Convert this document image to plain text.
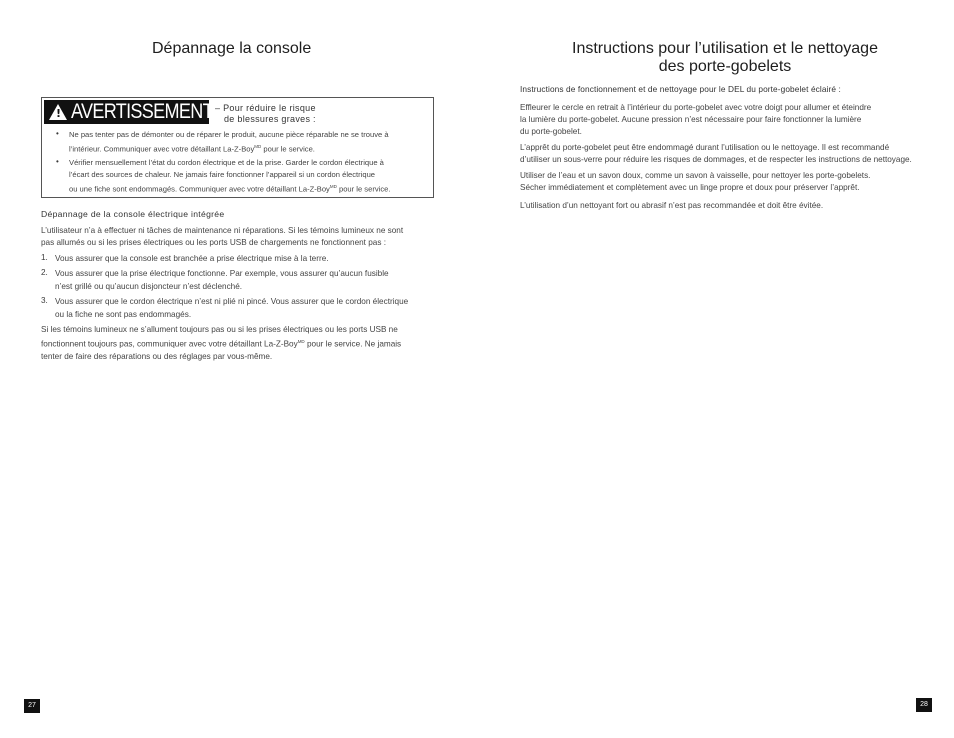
Dépannage la console
! AVERTISSEMENT – Pour réduire le risque
de blessures graves :
• Ne pas tenter pas de démonter ou de réparer le produit, aucune pièce réparable ne se trouve à
l’intérieur. Communiquer avec votre détaillant La-Z-Boy$^{MD}$ pour le service.
• Vérifier mensuellement l’état du cordon électrique et de la prise. Garder le cordon électrique à
l’écart des sources de chaleur. Ne jamais faire fonctionner l’appareil si un cordon électrique
ou une fiche sont endommagés. Communiquer avec votre détaillant La-Z-Boy$^{MD}$ pour le service.
Dépannage de la console électrique intégrée

L’utilisateur n’a à effectuer ni tâches de maintenance ni réparations. Si les témoins lumineux ne sont

pas allumés ou si les prises électriques ou les ports USB de chargements ne fonctionnent pas :

1. Vous assurer que la console est branchée a prise électrique mise à la terre.
2. Vous assurer que la prise électrique fonctionne. Par exemple, vous assurer qu’aucun fusible
n’est grillé ou qu’aucun disjoncteur n’est déclenché.
3. Vous assurer que le cordon électrique n’est ni plié ni pincé. Vous assurer que le cordon électrique
ou la fiche ne sont pas endommagés.

Si les témoins lumineux ne s’allument toujours pas ou si les prises électriques ou les ports USB ne

fonctionnent toujours pas, communiquer avec votre détaillant La-Z-Boy$^{MD}$ pour le service. Ne jamais

tenter de faire des réparations ou des réglages par vous-même.

27
Instructions pour l’utilisation et le nettoyage
des porte-gobelets
Instructions de fonctionnement et de nettoyage pour le DEL du porte-gobelet éclairé :

Effleurer le cercle en retrait à l’intérieur du porte-gobelet avec votre doigt pour allumer et éteindre

la lumière du porte-gobelet. Aucune pression n’est nécessaire pour faire fonctionner la lumière

du porte-gobelet.

L’apprêt du porte-gobelet peut être endommagé durant l’utilisation ou le nettoyage. Il est recommandé

d’utiliser un sous-verre pour réduire les risques de dommages, et de respecter les instructions de nettoyage.

Utiliser de l’eau et un savon doux, comme un savon à vaisselle, pour nettoyer les porte-gobelets.

Sécher immédiatement et complètement avec un linge propre et doux pour préserver l’apprêt.

L’utilisation d’un nettoyant fort ou abrasif n’est pas recommandée et doit être évitée.

28
